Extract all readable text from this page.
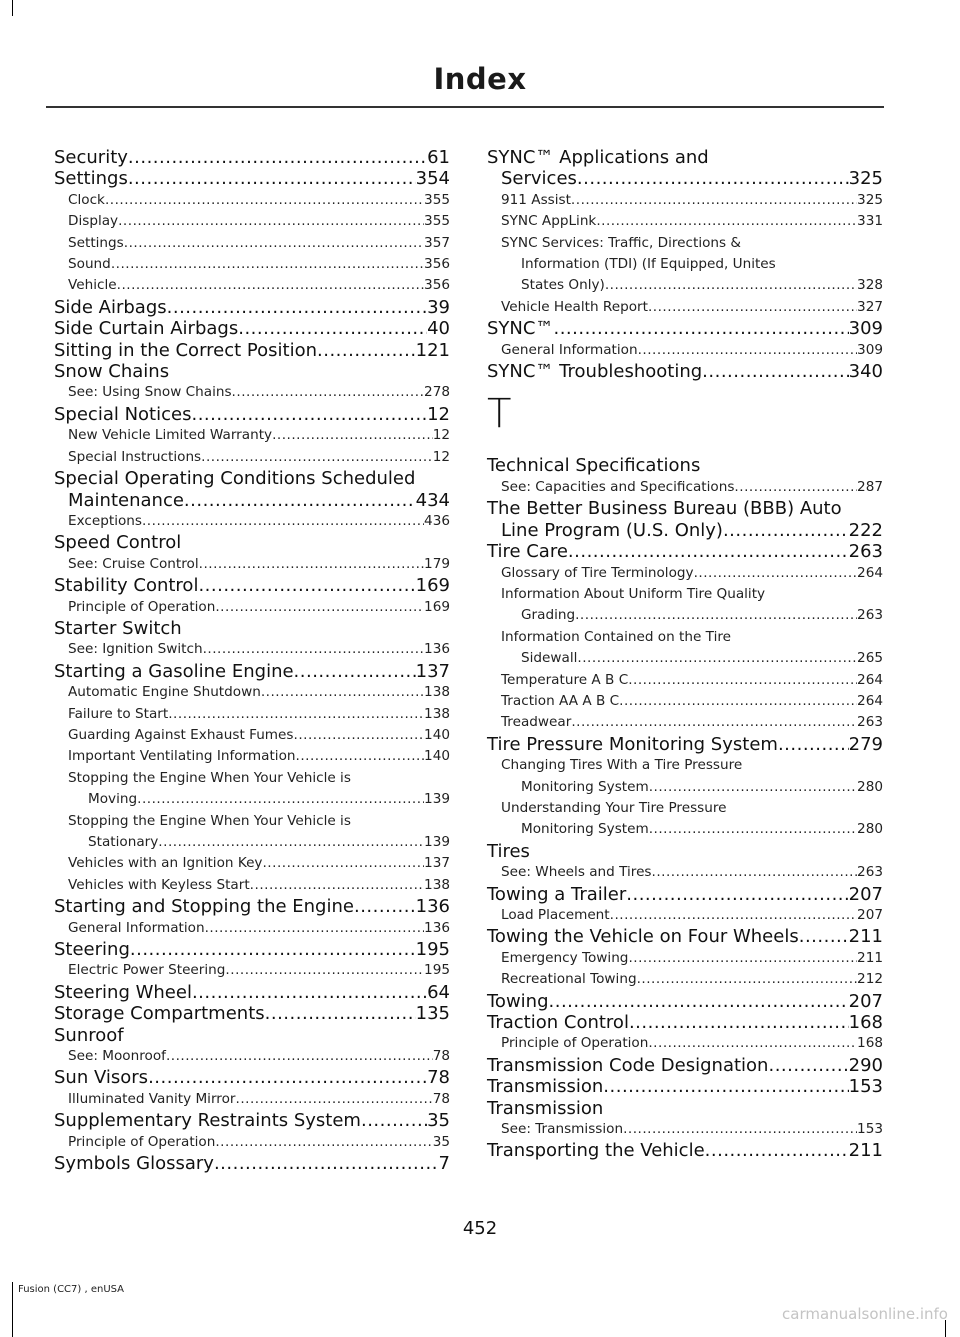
Index
Security .....	61
Settings .....	354
Clock .....	355
Display .....	355
Settings .....	357
Sound .....	356
Vehicle .....	356
Side Airbags .....	39
Side Curtain Airbags .....	40
Sitting in the Correct Position .....	121
Snow Chains
See: Using Snow Chains .....	278
Special Notices .....	12
New Vehicle Limited Warranty .....	12
Special Instructions .....	12
Special Operating Conditions Scheduled
Maintenance .....	434
Exceptions .....	436
Speed Control
See: Cruise Control .....	179
Stability Control .....	169
Principle of Operation .....	169
Starter Switch
See: Ignition Switch .....	136
Starting a Gasoline Engine .....	137
Automatic Engine Shutdown .....	138
Failure to Start .....	138
Guarding Against Exhaust Fumes .....	140
Important Ventilating Information .....	140
Stopping the Engine When Your Vehicle is
Moving .....	139
Stopping the Engine When Your Vehicle is
Stationary .....	139
Vehicles with an Ignition Key .....	137
Vehicles with Keyless Start .....	138
Starting and Stopping the Engine .....	136
General Information .....	136
Steering .....	195
Electric Power Steering .....	195
Steering Wheel .....	64
Storage Compartments .....	135
Sunroof
See: Moonroof .....	78
Sun Visors .....	78
Illuminated Vanity Mirror .....	78
Supplementary Restraints System .....	35
Principle of Operation .....	35
Symbols Glossary .....	7
SYNC™ Applications and
Services .....	325
911 Assist .....	325
SYNC AppLink .....	331
SYNC Services: Traffic, Directions &
Information (TDI) (If Equipped, Unites
States Only) .....	328
Vehicle Health Report .....	327
SYNC™ .....	309
General Information .....	309
SYNC™ Troubleshooting .....	340
T
Technical Specifications
See: Capacities and Specifications .....	287
The Better Business Bureau (BBB) Auto
Line Program (U.S. Only) .....	222
Tire Care .....	263
Glossary of Tire Terminology .....	264
Information About Uniform Tire Quality
Grading .....	263
Information Contained on the Tire
Sidewall .....	265
Temperature A B C .....	264
Traction AA A B C .....	264
Treadwear .....	263
Tire Pressure Monitoring System .....	279
Changing Tires With a Tire Pressure
Monitoring System .....	280
Understanding Your Tire Pressure
Monitoring System .....	280
Tires
See: Wheels and Tires .....	263
Towing a Trailer .....	207
Load Placement .....	207
Towing the Vehicle on Four Wheels .....	211
Emergency Towing .....	211
Recreational Towing .....	212
Towing .....	207
Traction Control .....	168
Principle of Operation .....	168
Transmission Code Designation .....	290
Transmission .....	153
Transmission
See: Transmission .....	153
Transporting the Vehicle .....	211
452
Fusion (CC7) , enUSA
carmanualsonline.info
